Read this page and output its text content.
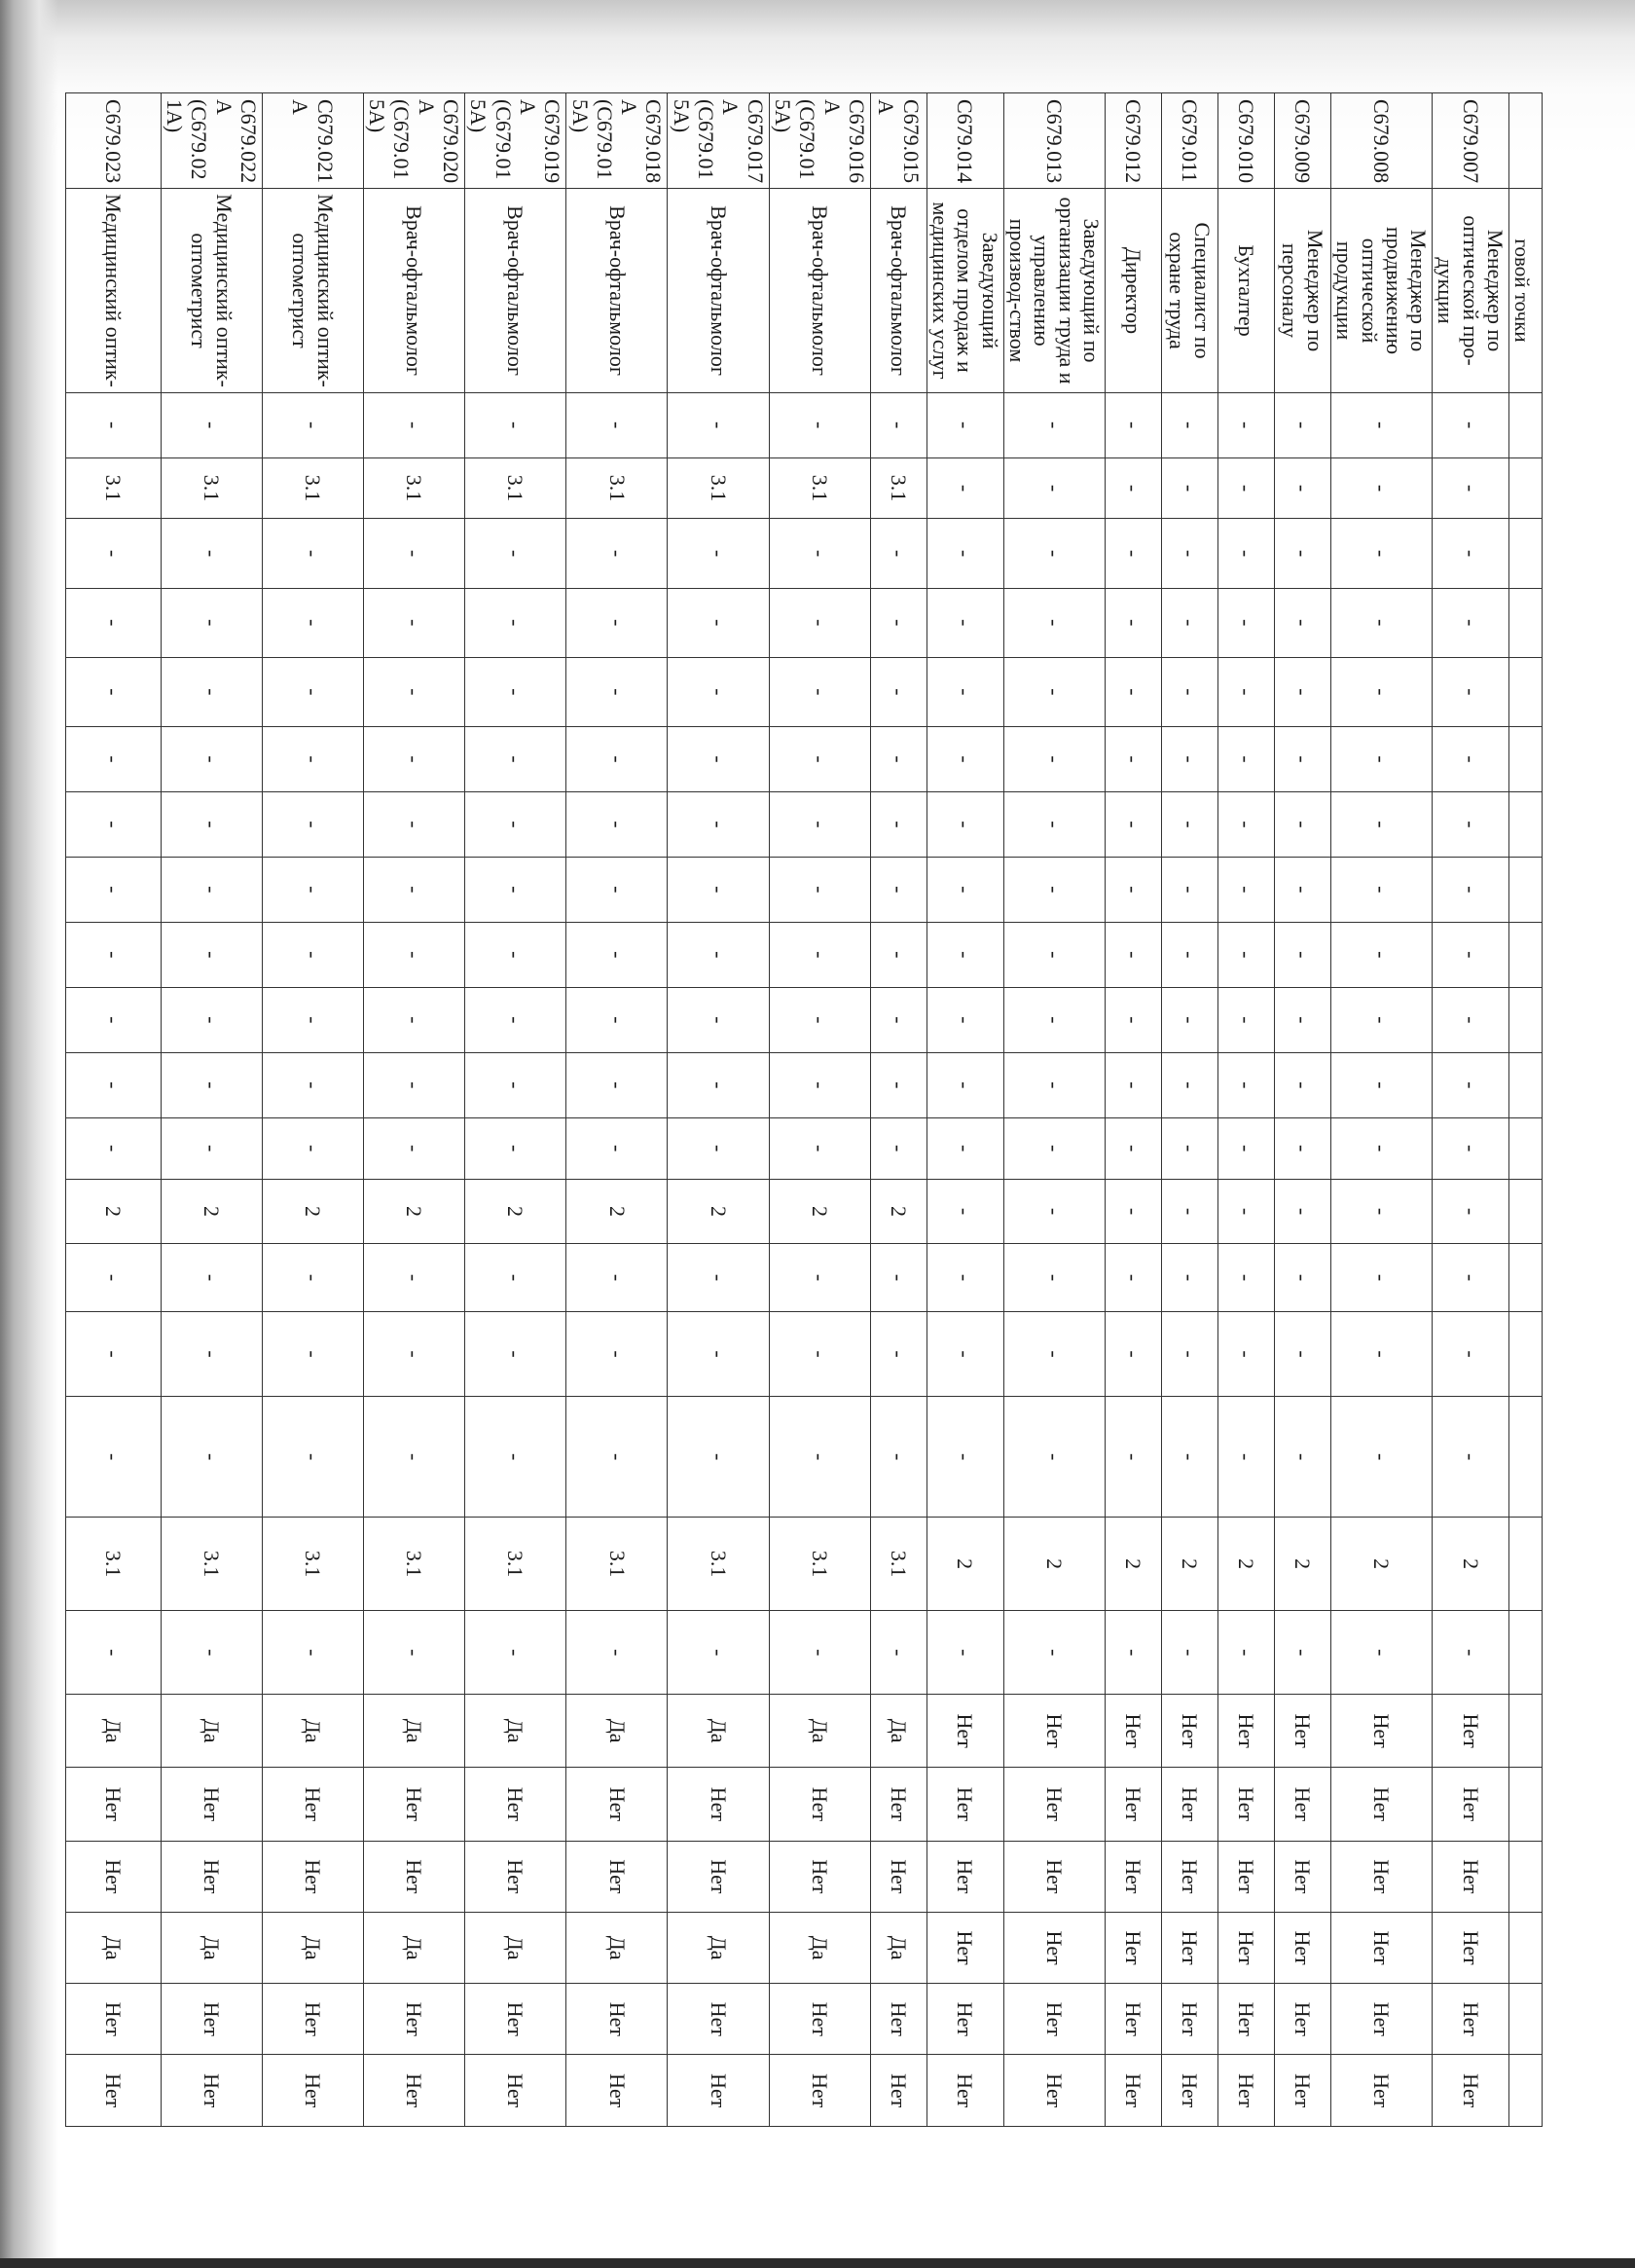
	говой точки																								
С679.007	Менеджер по оптической про-дукции	-	-	-	-	-	-	-	-	-	-	-	-	-	-	-	-	2	-	Нет	Нет	Нет	Нет	Нет	Нет
С679.008	Менеджер по продвижению оптической продукции	-	-	-	-	-	-	-	-	-	-	-	-	-	-	-	-	2	-	Нет	Нет	Нет	Нет	Нет	Нет
С679.009	Менеджер по персоналу	-	-	-	-	-	-	-	-	-	-	-	-	-	-	-	-	2	-	Нет	Нет	Нет	Нет	Нет	Нет
С679.010	Бухгалтер	-	-	-	-	-	-	-	-	-	-	-	-	-	-	-	-	2	-	Нет	Нет	Нет	Нет	Нет	Нет
С679.011	Специалист по охране труда	-	-	-	-	-	-	-	-	-	-	-	-	-	-	-	-	2	-	Нет	Нет	Нет	Нет	Нет	Нет
С679.012	Директор	-	-	-	-	-	-	-	-	-	-	-	-	-	-	-	-	2	-	Нет	Нет	Нет	Нет	Нет	Нет
С679.013	Заведующий по организации труда и управлению производ-ством	-	-	-	-	-	-	-	-	-	-	-	-	-	-	-	-	2	-	Нет	Нет	Нет	Нет	Нет	Нет
С679.014	Заведующий отделом продаж и медицинских услуг	-	-	-	-	-	-	-	-	-	-	-	-	-	-	-	-	2	-	Нет	Нет	Нет	Нет	Нет	Нет
С679.015 А	Врач-офтальмолог	-	3.1	-	-	-	-	-	-	-	-	-	-	2	-	-	-	3.1	-	Да	Нет	Нет	Да	Нет	Нет
С679.016 А (С679.01 5А)	Врач-офтальмолог	-	3.1	-	-	-	-	-	-	-	-	-	-	2	-	-	-	3.1	-	Да	Нет	Нет	Да	Нет	Нет
С679.017 А (С679.01 5А)	Врач-офтальмолог	-	3.1	-	-	-	-	-	-	-	-	-	-	2	-	-	-	3.1	-	Да	Нет	Нет	Да	Нет	Нет
С679.018 А (С679.01 5А)	Врач-офтальмолог	-	3.1	-	-	-	-	-	-	-	-	-	-	2	-	-	-	3.1	-	Да	Нет	Нет	Да	Нет	Нет
С679.019 А (С679.01 5А)	Врач-офтальмолог	-	3.1	-	-	-	-	-	-	-	-	-	-	2	-	-	-	3.1	-	Да	Нет	Нет	Да	Нет	Нет
С679.020 А (С679.01 5А)	Врач-офтальмолог	-	3.1	-	-	-	-	-	-	-	-	-	-	2	-	-	-	3.1	-	Да	Нет	Нет	Да	Нет	Нет
С679.021 А	Медицинский оптик-оптометрист	-	3.1	-	-	-	-	-	-	-	-	-	-	2	-	-	-	3.1	-	Да	Нет	Нет	Да	Нет	Нет
С679.022 А (С679.02 1А)	Медицинский оптик-оптометрист	-	3.1	-	-	-	-	-	-	-	-	-	-	2	-	-	-	3.1	-	Да	Нет	Нет	Да	Нет	Нет
С679.023	Медицинский оптик-	-	3.1	-	-	-	-	-	-	-	-	-	-	2	-	-	-	3.1	-	Да	Нет	Нет	Да	Нет	Нет
